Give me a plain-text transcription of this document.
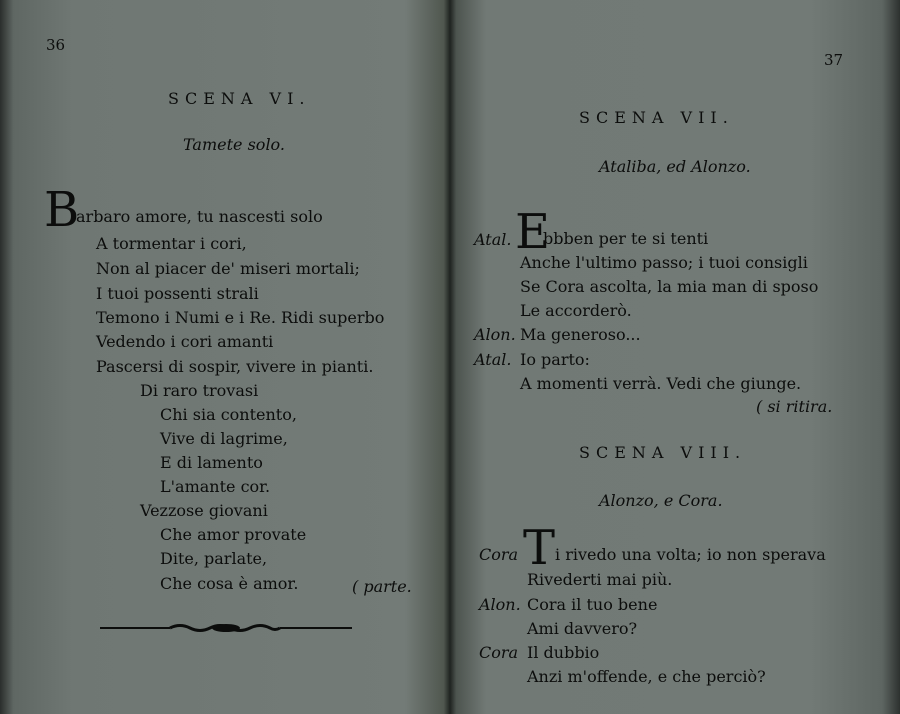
36
SCENA VI.
Tamete solo.
B
arbaro amore, tu nascesti solo
A tormentar i cori,
Non al piacer de' miseri mortali;
I tuoi possenti strali
Temono i Numi e i Re. Ridi superbo
Vedendo i cori amanti
Pascersi di sospir, vivere in pianti.
Di raro trovasi
Chi sia contento,
Vive di lagrime,
E di lamento
L'amante cor.
Vezzose giovani
Che amor provate
Dite, parlate,
Che cosa è amor.	( parte.
37
SCENA VII.
Ataliba, ed Alonzo.
Atal. E
bbben per te si tenti
Anche l'ultimo passo; i tuoi consigli
Se Cora ascolta, la mia man di sposo
Le accorderò.
Alon. Ma generoso...
Atal. Io parto:
A momenti verrà. Vedi che giunge.
( si ritira.
SCENA VIII.
Alonzo, e Cora.
Cora T i rivedo una volta; io non sperava
Rivederti mai più.
Alon. Cora il tuo bene
Ami davvero?
Cora Il dubbio
Anzi m'offende, e che perciò?
